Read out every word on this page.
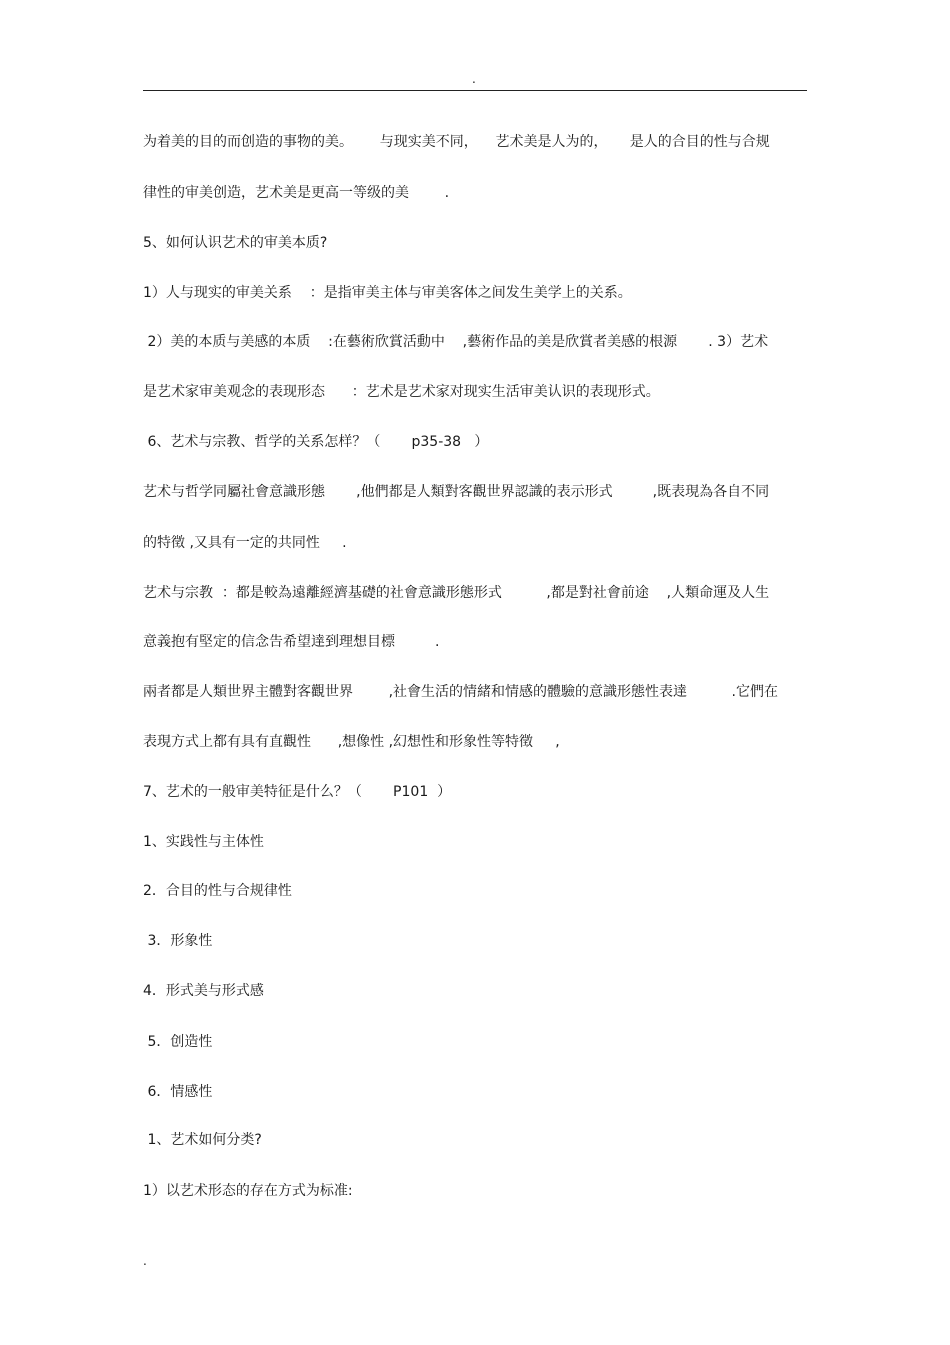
.
为着美的目的而创造的事物的美。      与现实美不同，    艺术美是人为的，     是人的合目的性与合规
律性的审美创造，艺术美是更高一等级的美        .
5、如何认识艺术的审美本质?
1）人与现实的审美关系    ：是指审美主体与审美客体之间发生美学上的关系。
2）美的本质与美感的本质    :在藝術欣賞活動中    ,藝術作品的美是欣賞者美感的根源       . 3）艺术
是艺术家审美观念的表现形态      ：艺术是艺术家对现实生活审美认识的表现形式。
6、艺术与宗教、哲学的关系怎样？（       p35-38   ）
艺术与哲学同屬社會意識形態       ,他們都是人類對客觀世界認識的表示形式         ,既表現為各自不同
的特徵 ,又具有一定的共同性     .
艺术与宗教  ：都是較為遠離經濟基礎的社會意識形態形式          ,都是對社會前途    ,人類命運及人生
意義抱有堅定的信念告希望達到理想目標         .
兩者都是人類世界主體對客觀世界        ,社會生活的情緒和情感的體驗的意識形態性表達          .它們在
表現方式上都有具有直觀性      ,想像性 ,幻想性和形象性等特徵     ,
7、艺术的一般审美特征是什么？（       P101  ）
1、实践性与主体性
2．合目的性与合规律性
3．形象性
4．形式美与形式感
5．创造性
6．情感性
1、艺术如何分类?
1）以艺术形态的存在方式为标准:
.
